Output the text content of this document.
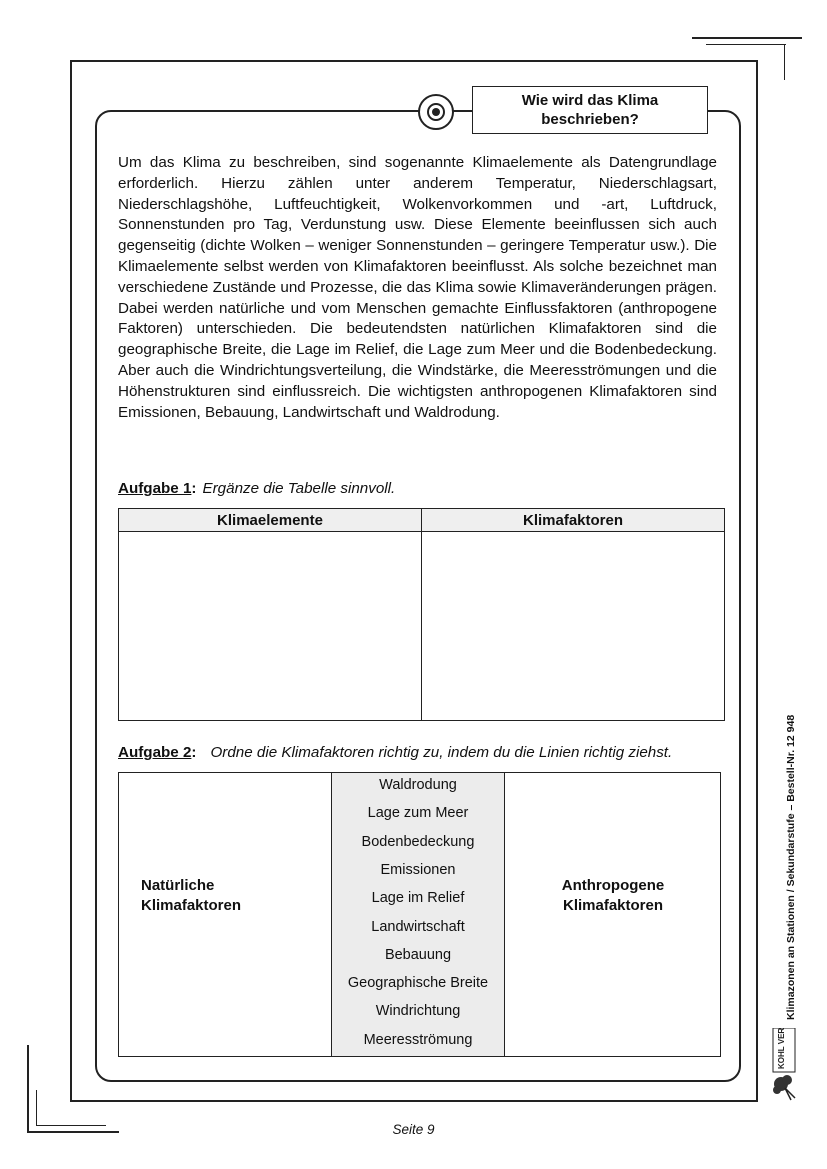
Wie wird das Klima beschrieben?

Um das Klima zu beschreiben, sind sogenannte Klimaelemente als Datengrundlage erforderlich. Hierzu zählen unter anderem Temperatur, Niederschlagsart, Niederschlagshöhe, Luftfeuchtigkeit, Wolkenvorkommen und -art, Luftdruck, Sonnenstunden pro Tag, Verdunstung usw. Diese Elemente beeinflussen sich auch gegenseitig (dichte Wolken – weniger Sonnenstunden – geringere Temperatur usw.). Die Klimaelemente selbst werden von Klimafaktoren beeinflusst. Als solche bezeichnet man verschiedene Zustände und Prozesse, die das Klima sowie Klimaveränderungen prägen. Dabei werden natürliche und vom Menschen gemachte Einflussfaktoren (anthropogene Faktoren) unterschieden. Die bedeutendsten natürlichen Klimafaktoren sind die geographische Breite, die Lage im Relief, die Lage zum Meer und die Bodenbedeckung. Aber auch die Windrichtungsverteilung, die Windstärke, die Meeresströmungen und die Höhenstrukturen sind einflussreich. Die wichtigsten anthropogenen Klimafaktoren sind Emissionen, Bebauung, Landwirtschaft und Waldrodung.

Aufgabe 1: Ergänze die Tabelle sinnvoll.
Klimaelemente	Klimafaktoren
Aufgabe 2: Ordne die Klimafaktoren richtig zu, indem du die Linien richtig ziehst.
Natürliche
Klimafaktoren
Waldrodung
Lage zum Meer
Bodenbedeckung
Emissionen
Lage im Relief
Landwirtschaft
Bebauung
Geographische Breite
Windrichtung
Meeresströmung
Anthropogene
Klimafaktoren
Seite 9
Klimazonen an Stationen / Sekundarstufe – Bestell-Nr. 12 948
KOHL VERLAG
